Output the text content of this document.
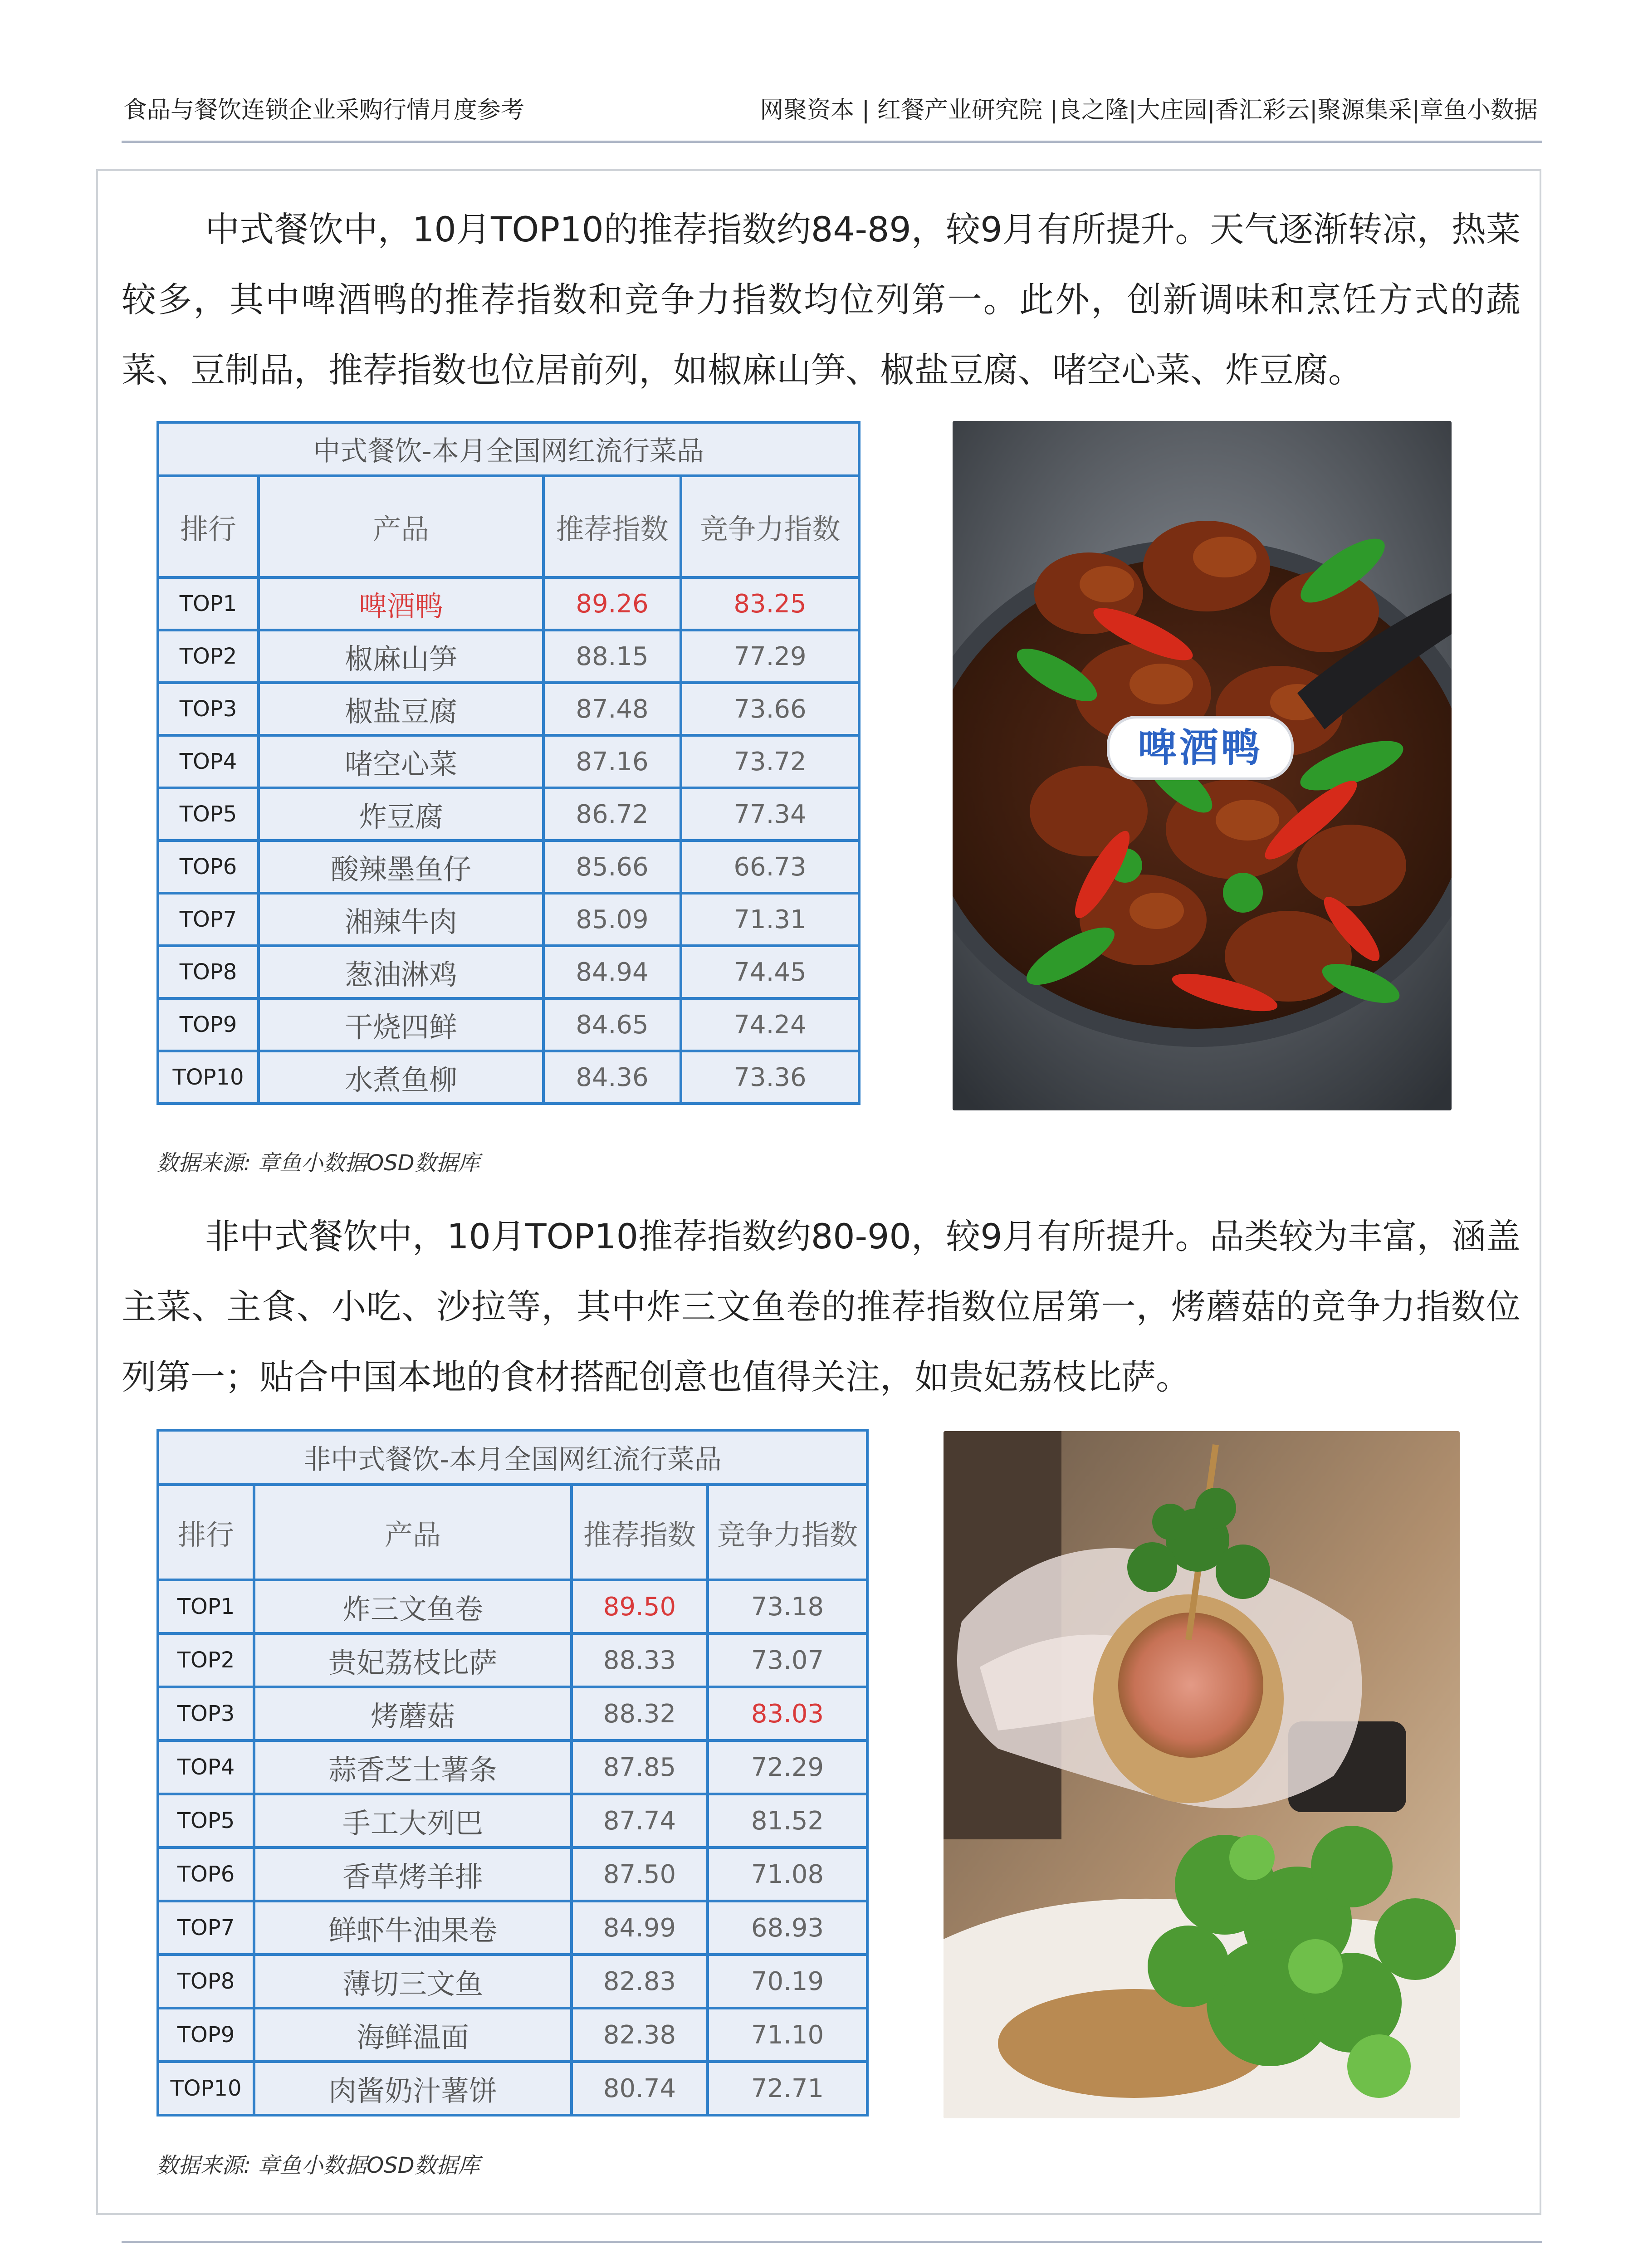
食品与餐饮连锁企业采购行情月度参考	网聚资本 | 红餐产业研究院 |良之隆|大庄园|香汇彩云|聚源集采|章鱼小数据

中式餐饮中，10月TOP10的推荐指数约84-89，较9月有所提升。天气逐渐转凉，热菜较多，其中啤酒鸭的推荐指数和竞争力指数均位列第一。此外，创新调味和烹饪方式的蔬菜、豆制品，推荐指数也位居前列，如椒麻山笋、椒盐豆腐、啫空心菜、炸豆腐。

中式餐饮-本月全国网红流行菜品			
排行	产品	推荐指数	竞争力指数
TOP1	啤酒鸭	89.26	83.25
TOP2	椒麻山笋	88.15	77.29
TOP3	椒盐豆腐	87.48	73.66
TOP4	啫空心菜	87.16	73.72
TOP5	炸豆腐	86.72	77.34
TOP6	酸辣墨鱼仔	85.66	66.73
TOP7	湘辣牛肉	85.09	71.31
TOP8	葱油淋鸡	84.94	74.45
TOP9	干烧四鲜	84.65	74.24
TOP10	水煮鱼柳	84.36	73.36
数据来源: 章鱼小数据OSD数据库
啤酒鸭

非中式餐饮中，10月TOP10推荐指数约80-90，较9月有所提升。品类较为丰富，涵盖主菜、主食、小吃、沙拉等，其中炸三文鱼卷的推荐指数位居第一，烤蘑菇的竞争力指数位列第一；贴合中国本地的食材搭配创意也值得关注，如贵妃荔枝比萨。

非中式餐饮-本月全国网红流行菜品			
排行	产品	推荐指数	竞争力指数
TOP1	炸三文鱼卷	89.50	73.18
TOP2	贵妃荔枝比萨	88.33	73.07
TOP3	烤蘑菇	88.32	83.03
TOP4	蒜香芝士薯条	87.85	72.29
TOP5	手工大列巴	87.74	81.52
TOP6	香草烤羊排	87.50	71.08
TOP7	鲜虾牛油果卷	84.99	68.93
TOP8	薄切三文鱼	82.83	70.19
TOP9	海鲜温面	82.38	71.10
TOP10	肉酱奶汁薯饼	80.74	72.71
数据来源: 章鱼小数据OSD数据库
